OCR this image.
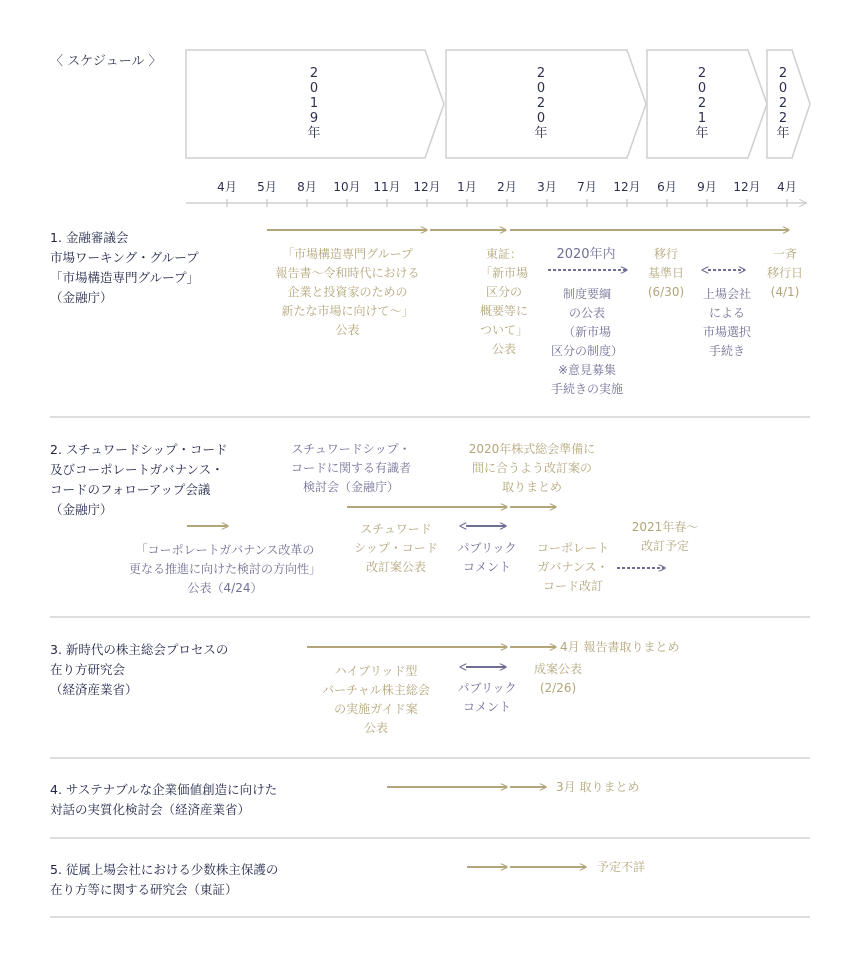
〈 スケジュール 〉
2
0
1
9
年
2
0
2
0
年
2
0
2
1
年
2
0
2
2
年
4月 5月 8月 10月 11月 12月 1月 2月 3月 7月 12月 6月 9月 12月 4月
1. 金融審議会
市場ワーキング・グループ
「市場構造専門グループ」
（金融庁）
「市場構造専門グループ
報告書～令和時代における
企業と投資家のための
新たな市場に向けて～」
公表
東証：
「新市場
区分の
概要等に
ついて」
公表
2020年内
制度要綱
の公表
（新市場
区分の制度）
※意見募集
手続きの実施
移行
基準日
(6/30)	上場会社
による
市場選択
手続き
一斉
移行日
(4/1)
2. スチュワードシップ・コード
及びコーポレートガバナンス・
コードのフォローアップ会議
（金融庁）
スチュワードシップ・
コードに関する有識者
検討会（金融庁）
2020年株式総会準備に
間に合うよう改訂案の
取りまとめ
スチュワード
シップ・コード
改訂案公表
パブリック
コメント
コーポレート
ガバナンス・
コード改訂
2021年春～
改訂予定
「コーポレートガバナンス改革の
更なる推進に向けた検討の方向性」
公表（4/24）
3. 新時代の株主総会プロセスの
在り方研究会
（経済産業省）
4月 報告書取りまとめ
ハイブリッド型
バーチャル株主総会
の実施ガイド案
公表
パブリック
コメント
成案公表
(2/26)
4. サステナブルな企業価値創造に向けた
対話の実質化検討会（経済産業省）
3月 取りまとめ
5. 従属上場会社における少数株主保護の
在り方等に関する研究会（東証）
予定不詳
